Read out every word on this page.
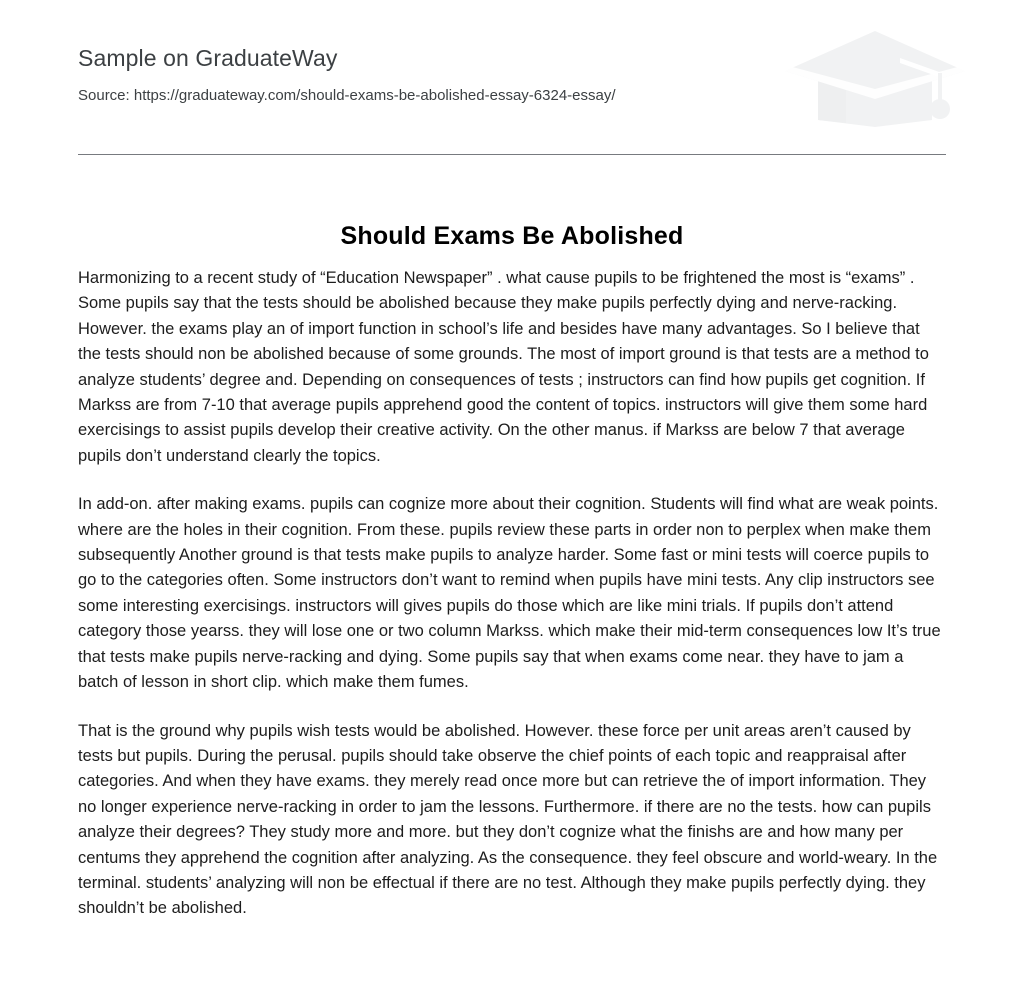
Sample on GraduateWay
Source: https://graduateway.com/should-exams-be-abolished-essay-6324-essay/
Should Exams Be Abolished

Harmonizing to a recent study of “Education Newspaper” . what cause pupils to be frightened the most is “exams” . Some pupils say that the tests should be abolished because they make pupils perfectly dying and nerve-racking. However. the exams play an of import function in school’s life and besides have many advantages. So I believe that the tests should non be abolished because of some grounds. The most of import ground is that tests are a method to analyze students’ degree and. Depending on consequences of tests ; instructors can find how pupils get cognition. If Markss are from 7-10 that average pupils apprehend good the content of topics. instructors will give them some hard exercisings to assist pupils develop their creative activity. On the other manus. if Markss are below 7 that average pupils don’t understand clearly the topics.

In add-on. after making exams. pupils can cognize more about their cognition. Students will find what are weak points. where are the holes in their cognition. From these. pupils review these parts in order non to perplex when make them subsequently Another ground is that tests make pupils to analyze harder. Some fast or mini tests will coerce pupils to go to the categories often. Some instructors don’t want to remind when pupils have mini tests. Any clip instructors see some interesting exercisings. instructors will gives pupils do those which are like mini trials. If pupils don’t attend category those yearss. they will lose one or two column Markss. which make their mid-term consequences low It’s true that tests make pupils nerve-racking and dying. Some pupils say that when exams come near. they have to jam a batch of lesson in short clip. which make them fumes.

That is the ground why pupils wish tests would be abolished. However. these force per unit areas aren’t caused by tests but pupils. During the perusal. pupils should take observe the chief points of each topic and reappraisal after categories. And when they have exams. they merely read once more but can retrieve the of import information. They no longer experience nerve-racking in order to jam the lessons. Furthermore. if there are no the tests. how can pupils analyze their degrees? They study more and more. but they don’t cognize what the finishs are and how many per centums they apprehend the cognition after analyzing. As the consequence. they feel obscure and world-weary. In the terminal. students’ analyzing will non be effectual if there are no test. Although they make pupils perfectly dying. they shouldn’t be abolished.
